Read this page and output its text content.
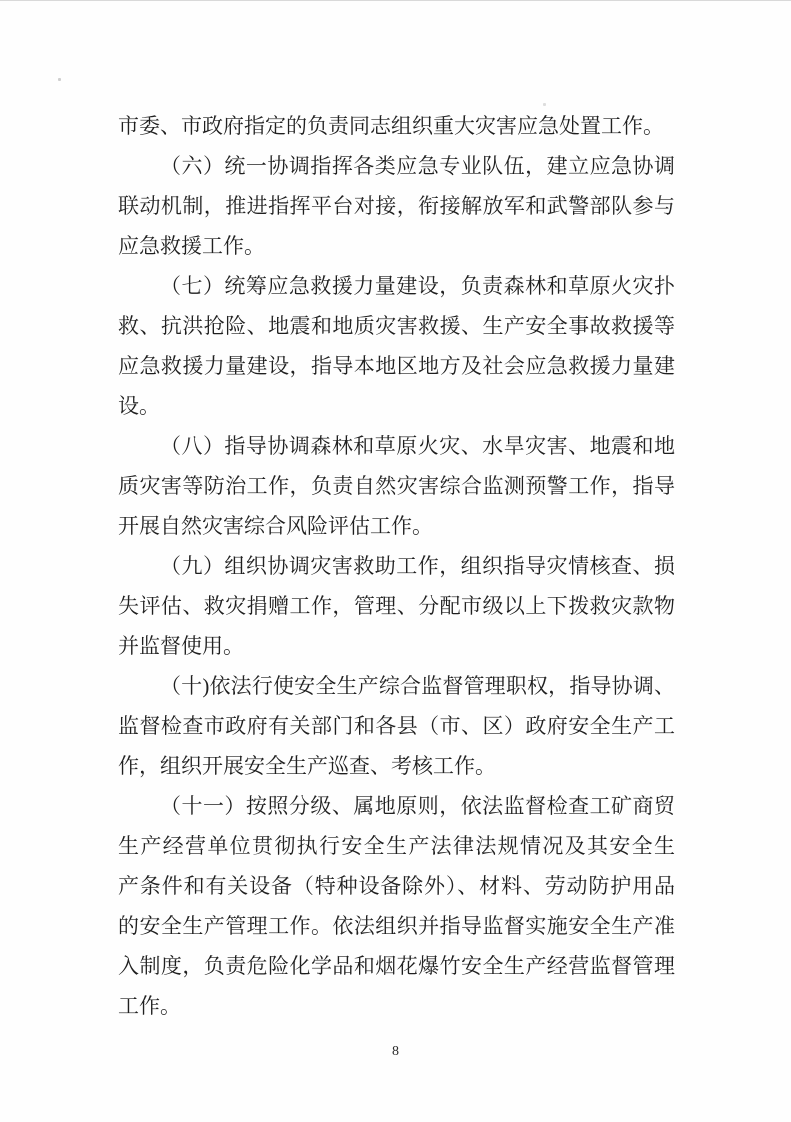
市委、市政府指定的负责同志组织重大灾害应急处置工作。
（六）统一协调指挥各类应急专业队伍，建立应急协调
联动机制，推进指挥平台对接，衔接解放军和武警部队参与
应急救援工作。
（七）统筹应急救援力量建设，负责森林和草原火灾扑
救、抗洪抢险、地震和地质灾害救援、生产安全事故救援等
应急救援力量建设，指导本地区地方及社会应急救援力量建
设。
（八）指导协调森林和草原火灾、水旱灾害、地震和地
质灾害等防治工作，负责自然灾害综合监测预警工作，指导
开展自然灾害综合风险评估工作。
（九）组织协调灾害救助工作，组织指导灾情核查、损
失评估、救灾捐赠工作，管理、分配市级以上下拨救灾款物
并监督使用。
（十)依法行使安全生产综合监督管理职权，指导协调、
监督检查市政府有关部门和各县（市、区）政府安全生产工
作，组织开展安全生产巡查、考核工作。
（十一）按照分级、属地原则，依法监督检查工矿商贸
生产经营单位贯彻执行安全生产法律法规情况及其安全生
产条件和有关设备（特种设备除外）、材料、劳动防护用品
的安全生产管理工作。依法组织并指导监督实施安全生产准
入制度，负责危险化学品和烟花爆竹安全生产经营监督管理
工作。
8
